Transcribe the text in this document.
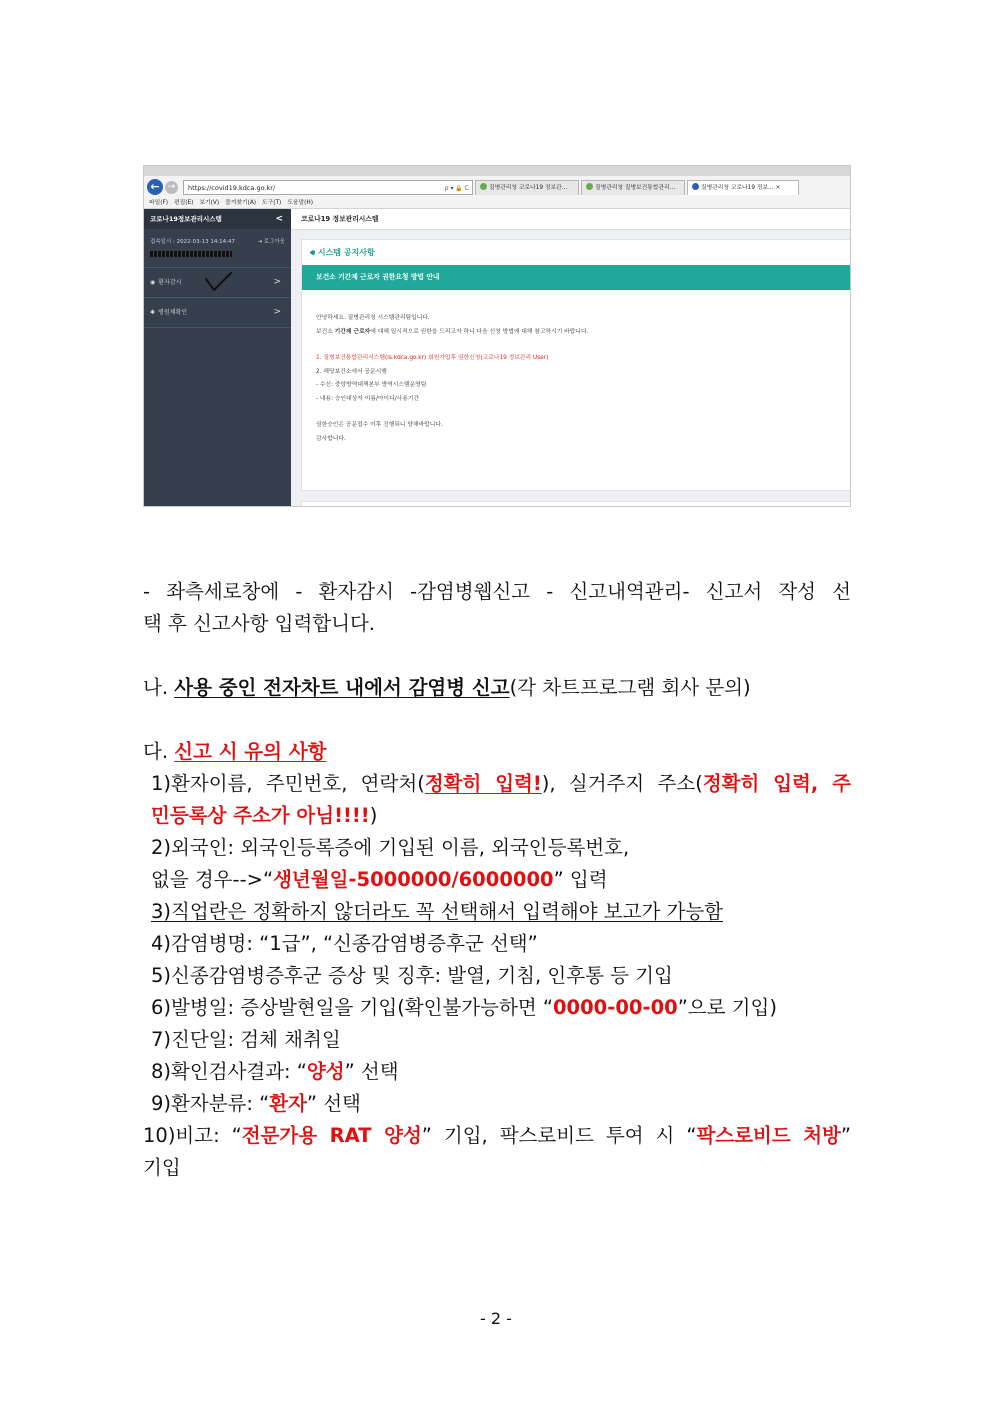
← →	https://covid19.kdca.go.kr/	ρ ▾ 🔒 C	질병관리청 코로나19 정보관...	질병관리청 질병보건통합관리...	질병관리청 코로나19 정보... ×
파일(F) 편집(E) 보기(V) 즐겨찾기(A) 도구(T) 도움말(H)
코로나19정보관리시스템	<
접속일시 : 2022-03-13 14:14:47	⇥ 로그아웃
◉ 환자감시	>
✱ 병원체확인	>
코로나19 정보관리시스템
🔊︎ 시스템 공지사항
보건소 기간제 근로자 권한요청 방법 안내
안녕하세요. 질병관리청 시스템관리팀입니다.
보건소 기간제 근로자에 대해 일시적으로 권한을 드리고자 하니 다음 신청 방법에 대해 참고하시기 바랍니다.
1. 질병보건통합관리시스템(is.kdca.go.kr) 회원가입후 권한신청(코로나19 정보관리 User)
2. 해당보건소에서 공문시행
- 수신: 중앙방역대책본부 방역시스템운영팀
- 내용: 승인대상자 이름/아이디/사용기간
권한승인은 공문접수 이후 진행되니 양해바랍니다.
감사합니다.
- 좌측세로창에 - 환자감시 -감염병웹신고 - 신고내역관리- 신고서 작성 선
택 후 신고사항 입력합니다.
나. 사용 중인 전자차트 내에서 감염병 신고(각 차트프로그램 회사 문의)
다. 신고 시 유의 사항
1)환자이름, 주민번호, 연락처(정확히 입력!), 실거주지 주소(정확히 입력, 주
민등록상 주소가 아님!!!!)
2)외국인: 외국인등록증에 기입된 이름, 외국인등록번호,
없을 경우-->“생년월일-5000000/6000000” 입력
3)직업란은 정확하지 않더라도 꼭 선택해서 입력해야 보고가 가능함
4)감염병명: “1급”, “신종감염병증후군 선택”
5)신종감염병증후군 증상 및 징후: 발열, 기침, 인후통 등 기입
6)발병일: 증상발현일을 기입(확인불가능하면 “0000-00-00”으로 기입)
7)진단일: 검체 채취일
8)확인검사결과: “양성” 선택
9)환자분류: “환자” 선택
10)비고: “전문가용 RAT 양성” 기입, 팍스로비드 투여 시 “팍스로비드 처방”
기입
- 2 -
